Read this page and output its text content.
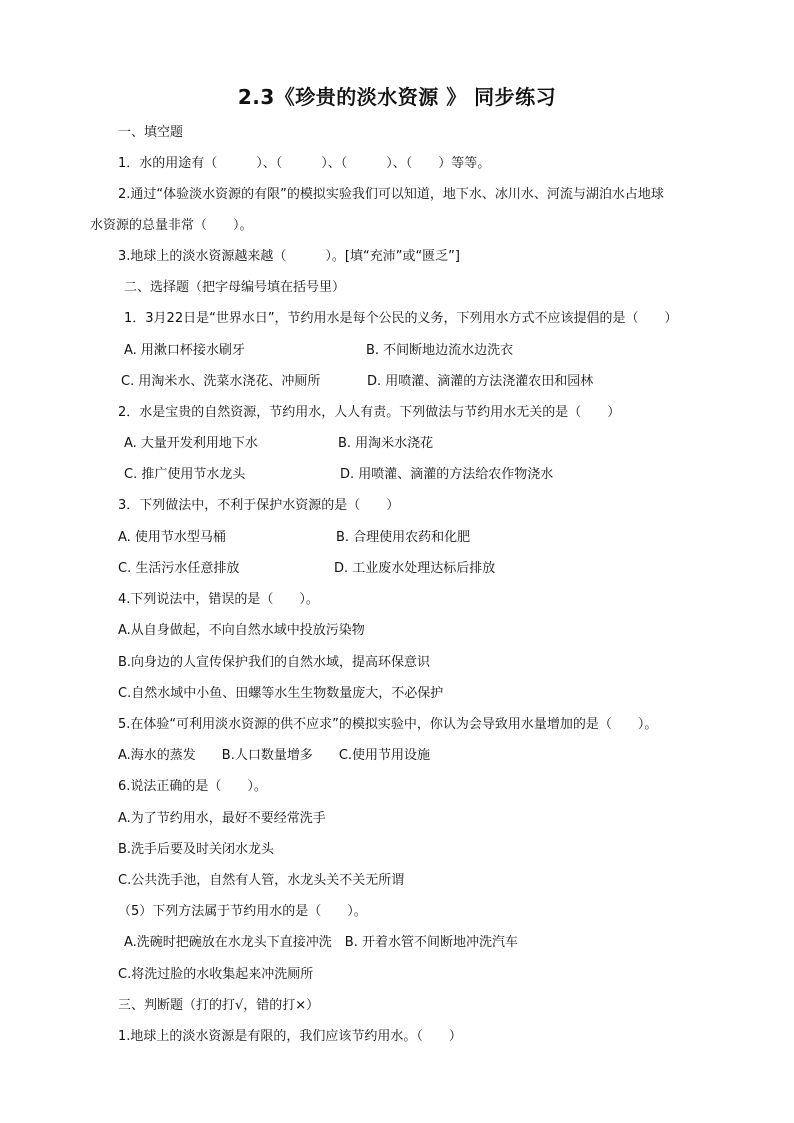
2.3《珍贵的淡水资源 》 同步练习
一、填空题
1．水的用途有（　　　）、（　　　）、（　　　）、（　　）等等。
2.通过“体验淡水资源的有限”的模拟实验我们可以知道，地下水、冰川水、河流与湖泊水占地球
水资源的总量非常（　　）。
3.地球上的淡水资源越来越（　　　）。[填“充沛”或“匮乏”]
二、选择题（把字母编号填在括号里）
1．3月22日是“世界水日”，节约用水是每个公民的义务，下列用水方式不应该提倡的是（　　）
A. 用漱口杯接水刷牙	B. 不间断地边流水边洗衣
C. 用淘米水、洗菜水浇花、冲厕所	D. 用喷灌、滴灌的方法浇灌农田和园林
2．水是宝贵的自然资源，节约用水，人人有责。下列做法与节约用水无关的是（　　）
A. 大量开发利用地下水	B. 用淘米水浇花
C. 推广使用节水龙头	D. 用喷灌、滴灌的方法给农作物浇水
3．下列做法中，不利于保护水资源的是（　　）
A. 使用节水型马桶	B. 合理使用农药和化肥
C. 生活污水任意排放	D. 工业废水处理达标后排放
4.下列说法中，错误的是（　　）。
A.从自身做起，不向自然水域中投放污染物
B.向身边的人宣传保护我们的自然水域，提高环保意识
C.自然水域中小鱼、田螺等水生生物数量庞大，不必保护
5.在体验“可利用淡水资源的供不应求”的模拟实验中，你认为会导致用水量增加的是（　　）。
A.海水的蒸发　　B.人口数量增多　　C.使用节用设施
6.说法正确的是（　　）。
A.为了节约用水，最好不要经常洗手
B.洗手后要及时关闭水龙头
C.公共洗手池，自然有人管，水龙头关不关无所谓
（5）下列方法属于节约用水的是（　　）。
A.洗碗时把碗放在水龙头下直接冲洗　B. 开着水管不间断地冲洗汽车
C.将洗过脸的水收集起来冲洗厕所
三、判断题（打的打√，错的打×）
1.地球上的淡水资源是有限的，我们应该节约用水。（　　）
